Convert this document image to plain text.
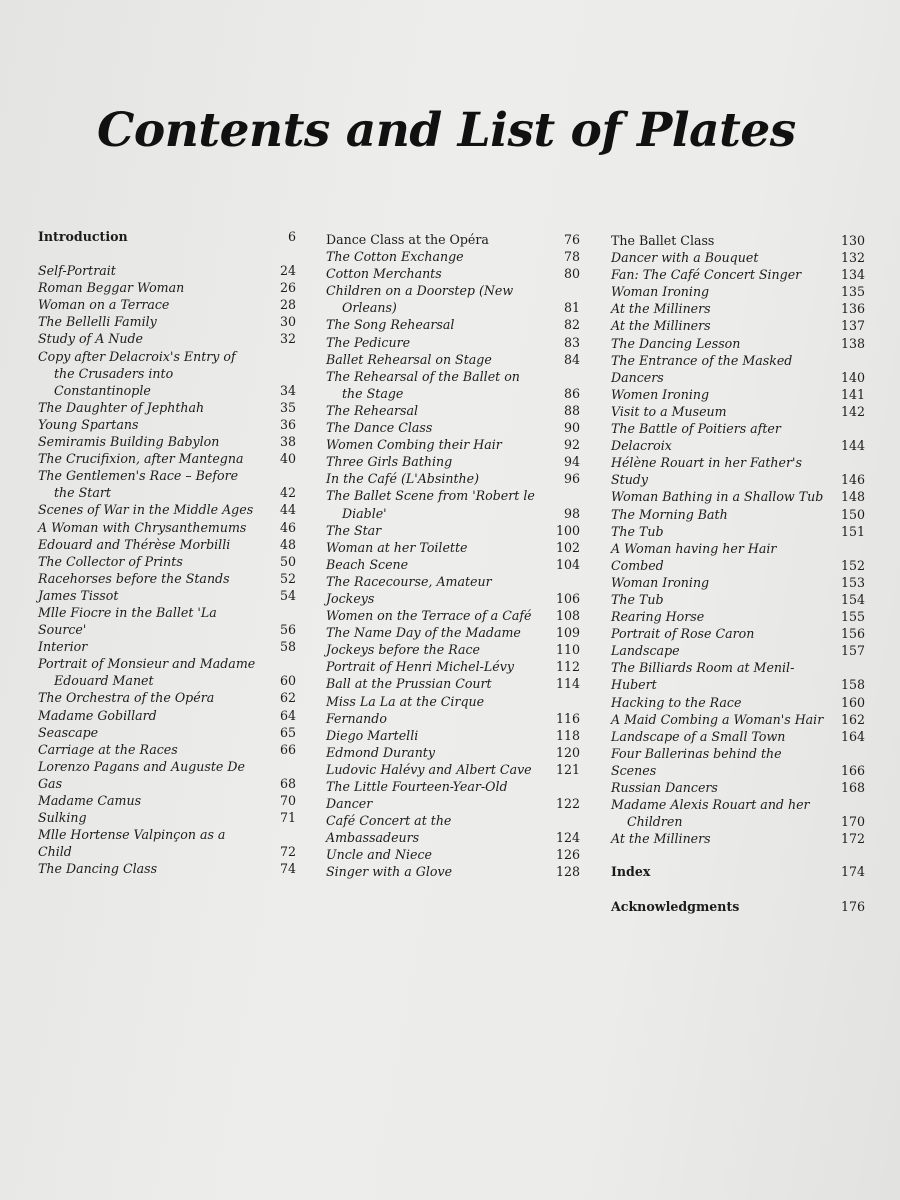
Contents and List of Plates
Introduction	6
Self-Portrait	24
Roman Beggar Woman	26
Woman on a Terrace	28
The Bellelli Family	30
Study of A Nude	32
Copy after Delacroix's Entry of the Crusaders into Constantinople	34
The Daughter of Jephthah	35
Young Spartans	36
Semiramis Building Babylon	38
The Crucifixion, after Mantegna	40
The Gentlemen's Race – Before the Start	42
Scenes of War in the Middle Ages	44
A Woman with Chrysanthemums	46
Edouard and Thérèse Morbilli	48
The Collector of Prints	50
Racehorses before the Stands	52
James Tissot	54
Mlle Fiocre in the Ballet 'La Source'	56
Interior	58
Portrait of Monsieur and Madame Edouard Manet	60
The Orchestra of the Opéra	62
Madame Gobillard	64
Seascape	65
Carriage at the Races	66
Lorenzo Pagans and Auguste De Gas	68
Madame Camus	70
Sulking	71
Mlle Hortense Valpinçon as a Child	72
The Dancing Class	74
Dance Class at the Opéra	76
The Cotton Exchange	78
Cotton Merchants	80
Children on a Doorstep (New Orleans)	81
The Song Rehearsal	82
The Pedicure	83
Ballet Rehearsal on Stage	84
The Rehearsal of the Ballet on the Stage	86
The Rehearsal	88
The Dance Class	90
Women Combing their Hair	92
Three Girls Bathing	94
In the Café (L'Absinthe)	96
The Ballet Scene from 'Robert le Diable'	98
The Star	100
Woman at her Toilette	102
Beach Scene	104
The Racecourse, Amateur Jockeys	106
Women on the Terrace of a Café	108
The Name Day of the Madame	109
Jockeys before the Race	110
Portrait of Henri Michel-Lévy	112
Ball at the Prussian Court	114
Miss La La at the Cirque Fernando	116
Diego Martelli	118
Edmond Duranty	120
Ludovic Halévy and Albert Cave	121
The Little Fourteen-Year-Old Dancer	122
Café Concert at the Ambassadeurs	124
Uncle and Niece	126
Singer with a Glove	128
The Ballet Class	130
Dancer with a Bouquet	132
Fan: The Café Concert Singer	134
Woman Ironing	135
At the Milliners	136
At the Milliners	137
The Dancing Lesson	138
The Entrance of the Masked Dancers	140
Women Ironing	141
Visit to a Museum	142
The Battle of Poitiers after Delacroix	144
Hélène Rouart in her Father's Study	146
Woman Bathing in a Shallow Tub 148
The Morning Bath	150
The Tub	151
A Woman having her Hair Combed	152
Woman Ironing	153
The Tub	154
Rearing Horse	155
Portrait of Rose Caron	156
Landscape	157
The Billiards Room at Menil-Hubert	158
Hacking to the Race	160
A Maid Combing a Woman's Hair 162
Landscape of a Small Town	164
Four Ballerinas behind the Scenes	166
Russian Dancers	168
Madame Alexis Rouart and her Children	170
At the Milliners	172
Index	174
Acknowledgments	176
